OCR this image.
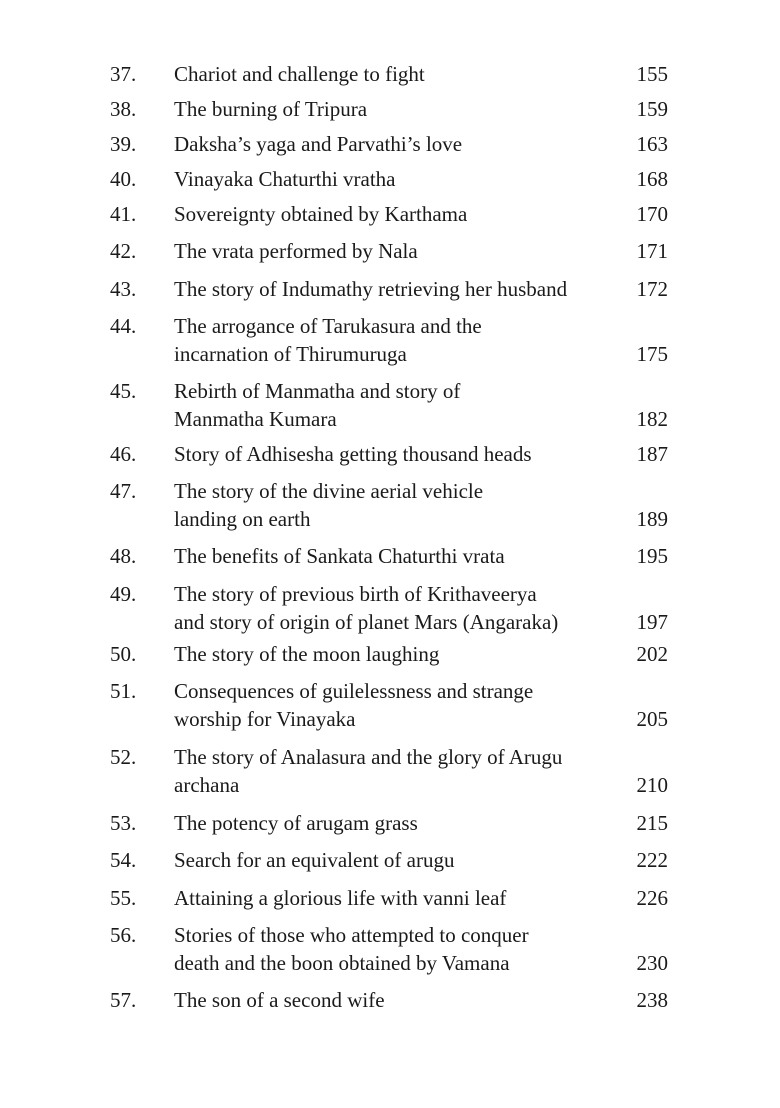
37.	Chariot and challenge to fight	155
38.	The burning of Tripura	159
39.	Daksha’s yaga and Parvathi’s love	163
40.	Vinayaka Chaturthi vratha	168
41.	Sovereignty obtained by Karthama	170
42.	The vrata performed by Nala	171
43.	The story of Indumathy retrieving her husband	172
44.	The arrogance of Tarukasura and the
incarnation of Thirumuruga	175
45.	Rebirth of Manmatha and story of
Manmatha Kumara	182
46.	Story of Adhisesha getting thousand heads	187
47.	The story of the divine aerial vehicle
landing on earth	189
48.	The benefits of Sankata Chaturthi vrata	195
49.	The story of previous birth of Krithaveerya
and story of origin of planet Mars (Angaraka)	197
50.	The story of the moon laughing	202
51.	Consequences of guilelessness and strange
worship for Vinayaka	205
52.	The story of Analasura and the glory of Arugu
archana	210
53.	The potency of arugam grass	215
54.	Search for an equivalent of arugu	222
55.	Attaining a glorious life with vanni leaf	226
56.	Stories of those who attempted to conquer
death and the boon obtained by Vamana	230
57.	The son of a second wife	238
